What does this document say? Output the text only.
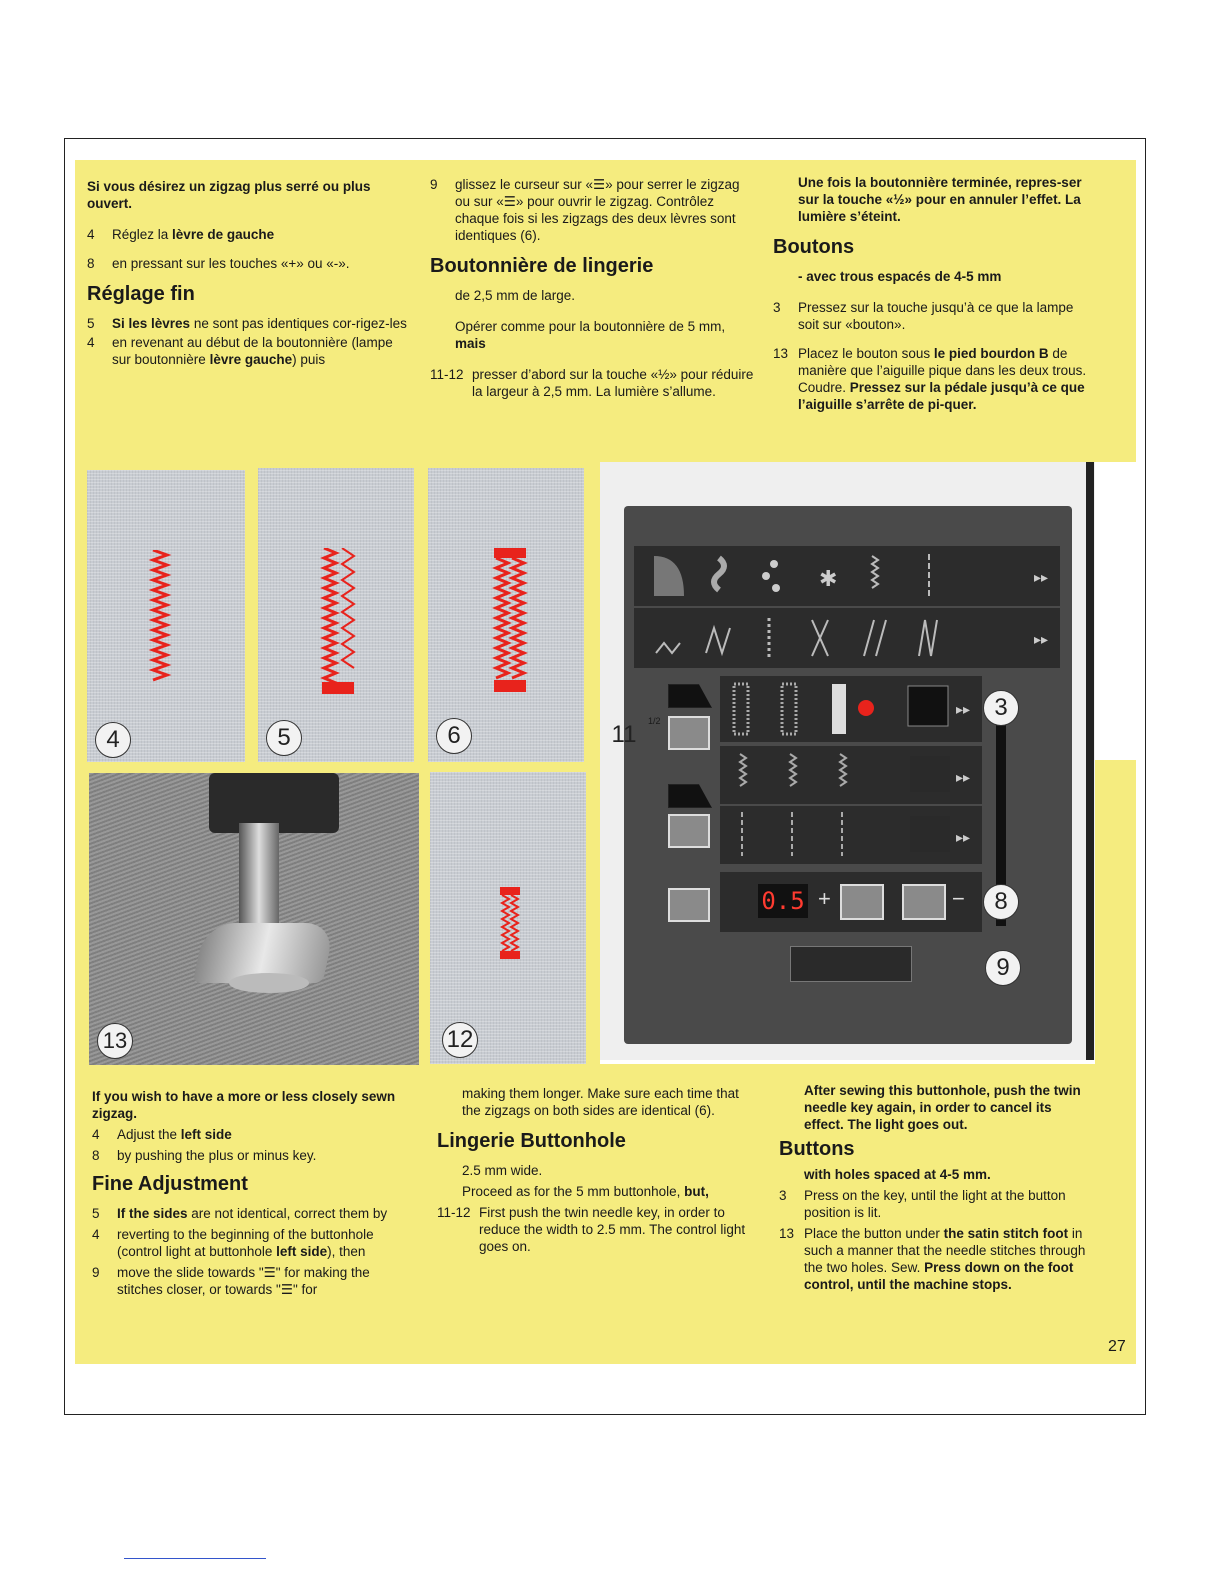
Si vous désirez un zigzag plus serré ou plus ouvert.

4	Réglez la lèvre de gauche
8	en pressant sur les touches «+» ou «-».
Réglage fin
5	Si les lèvres ne sont pas identiques cor-rigez-les
4	en revenant au début de la boutonnière (lampe sur boutonnière lèvre gauche) puis
9	glissez le curseur sur «☰» pour serrer le zigzag ou sur «☰» pour ouvrir le zigzag. Contrôlez chaque fois si les zigzags des deux lèvres sont identiques (6).
Boutonnière de lingerie

de 2,5 mm de large.

Opérer comme pour la boutonnière de 5 mm, mais

11-12 presser d’abord sur la touche «½» pour réduire la largeur à 2,5 mm. La lumière s’allume.

Une fois la boutonnière terminée, repres-ser sur la touche «½» pour en annuler l’effet. La lumière s’éteint.

Boutons

- avec trous espacés de 4-5 mm

3	Pressez sur la touche jusqu’à ce que la lampe soit sur «bouton».
13 Placez le bouton sous le pied bourdon B de manière que l’aiguille pique dans les deux trous. Coudre. Pressez sur la pédale jusqu’à ce que l’aiguille s’arrête de pi-quer.
4	5	6
13	12
✱	▸▸
▸▸
▸▸
▸▸
▸▸
0.5 +	−
11	1/2	3
8
9

If you wish to have a more or less closely sewn zigzag.

4	Adjust the left side
8	by pushing the plus or minus key.
Fine Adjustment
5	If the sides are not identical, correct them by
4	reverting to the beginning of the buttonhole (control light at buttonhole left side), then
9	move the slide towards "☰" for making the stitches closer, or towards "☰" for

making them longer. Make sure each time that the zigzags on both sides are identical (6).

Lingerie Buttonhole

2.5 mm wide.

Proceed as for the 5 mm buttonhole, but,

11-12 First push the twin needle key, in order to reduce the width to 2.5 mm. The control light goes on.

After sewing this buttonhole, push the twin needle key again, in order to cancel its effect. The light goes out.

Buttons

with holes spaced at 4-5 mm.

3	Press on the key, until the light at the button position is lit.
13 Place the button under the satin stitch foot in such a manner that the needle stitches through the two holes. Sew. Press down on the foot control, until the machine stops.
27
